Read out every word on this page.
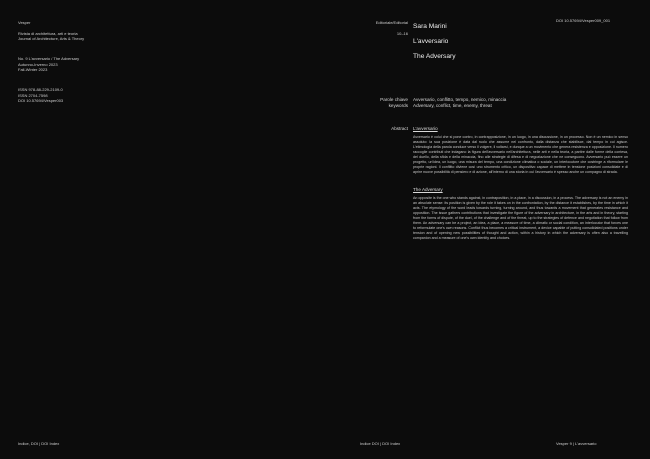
Vesper

Rivista di architettura, arti e teoria
Journal of Architecture, Arts & Theory

No. 9 L'avversario / The Adversary
Autunno-Inverno 2023
Fall-Winter 2023

ISSN 978-88-229-2109-0
ISSN 2704-7598
DOI 10.57694/Vesper003

Editoriale/Editorial

10–16

Sara Marini

L'avversario

The Adversary

DOI 10.57694/Vesper009_001
Parole chiave
keywords
Avversario, conflitto, tempo, nemico, minaccia
Adversary, conflict, time, enemy, threat
Abstract L'avversario
Avversario è colui che si pone contro, in contrapposizione, in un luogo, in una discussione, in un processo. Non è un nemico in senso assoluto: la sua posizione è data dal ruolo che assume nel confronto, dalla distanza che stabilisce, dal tempo in cui agisce. L'etimologia della parola conduce verso il volgere, il voltarsi, e dunque a un movimento che genera resistenza e opposizione. Il numero raccoglie contributi che indagano la figura dell'avversario nell'architettura, nelle arti e nella teoria, a partire dalle forme della contesa, del duello, della sfida e della minaccia, fino alle strategie di difesa e di negoziazione che ne conseguono. Avversario può essere un progetto, un'idea, un luogo, una misura del tempo, una condizione climatica o sociale, un interlocutore che costringe a riformulare le proprie ragioni. Il conflitto diviene così uno strumento critico, un dispositivo capace di mettere in tensione posizioni consolidate e di aprire nuove possibilità di pensiero e di azione, all'interno di una storia in cui l'avversario è spesso anche un compagno di strada.
The Adversary
An opposite is the one who stands against, in contraposition, in a place, in a discussion, in a process. The adversary is not an enemy in an absolute sense: its position is given by the role it takes on in the confrontation, by the distance it establishes, by the time in which it acts. The etymology of the word leads towards turning, turning around, and thus towards a movement that generates resistance and opposition. The issue gathers contributions that investigate the figure of the adversary in architecture, in the arts and in theory, starting from the forms of dispute, of the duel, of the challenge and of the threat, up to the strategies of defence and negotiation that follow from them. An adversary can be a project, an idea, a place, a measure of time, a climatic or social condition, an interlocutor that forces one to reformulate one's own reasons. Conflict thus becomes a critical instrument, a device capable of putting consolidated positions under tension and of opening new possibilities of thought and action, within a history in which the adversary is often also a travelling companion and a measure of one's own identity and choices.
Indice, DOI | DOI Index	Indice DOI | DOI Index	Vesper 9 | L'avversario
